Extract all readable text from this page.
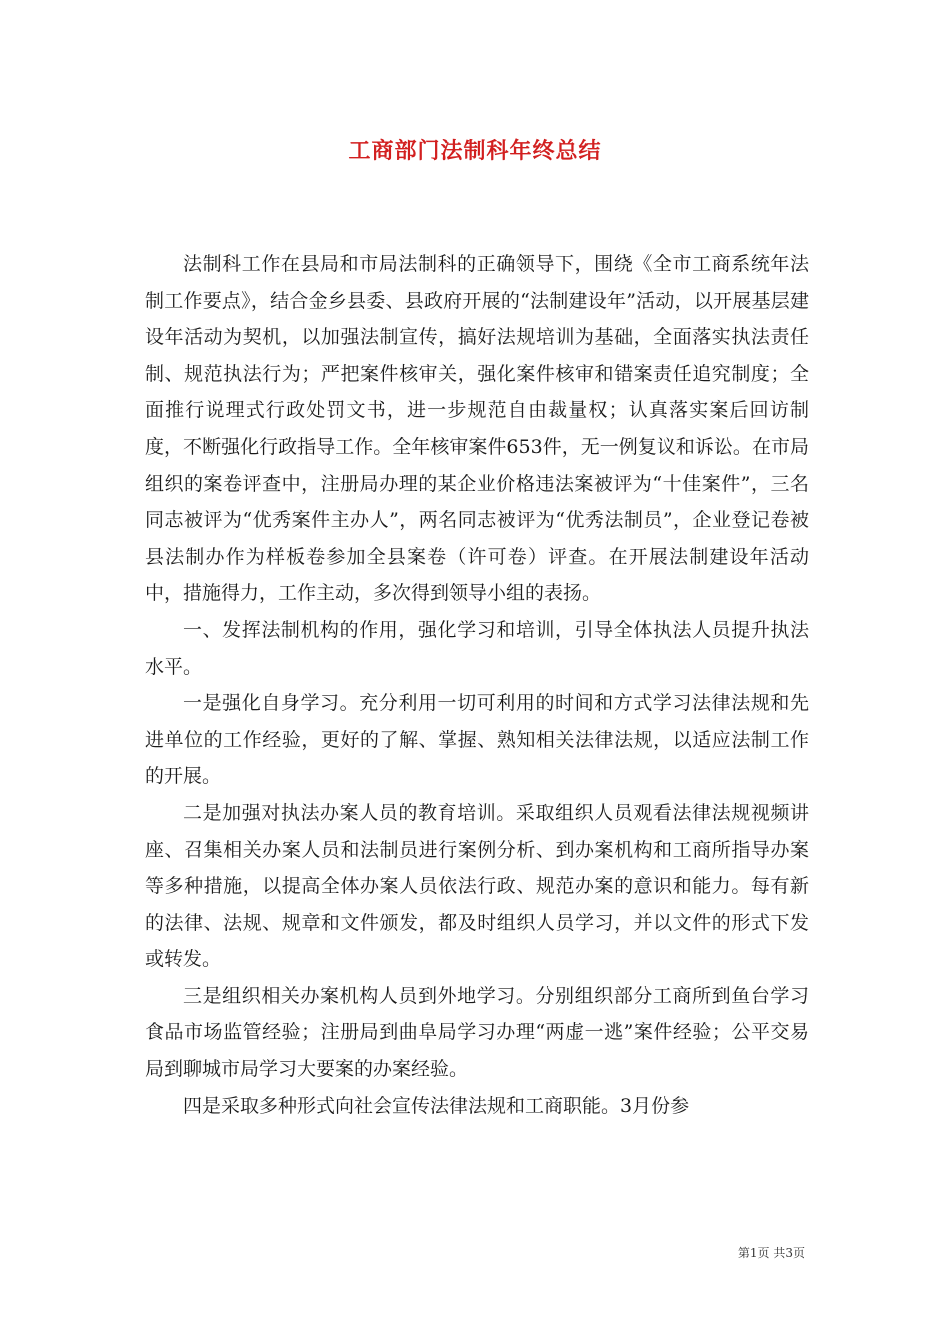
工商部门法制科年终总结

法制科工作在县局和市局法制科的正确领导下，围绕《全市工商系统年法制工作要点》，结合金乡县委、县政府开展的“法制建设年”活动，以开展基层建设年活动为契机，以加强法制宣传，搞好法规培训为基础，全面落实执法责任制、规范执法行为；严把案件核审关，强化案件核审和错案责任追究制度；全面推行说理式行政处罚文书，进一步规范自由裁量权；认真落实案后回访制度，不断强化行政指导工作。全年核审案件653件，无一例复议和诉讼。在市局组织的案卷评查中，注册局办理的某企业价格违法案被评为“十佳案件”，三名同志被评为“优秀案件主办人”，两名同志被评为“优秀法制员”，企业登记卷被县法制办作为样板卷参加全县案卷（许可卷）评查。在开展法制建设年活动中，措施得力，工作主动，多次得到领导小组的表扬。

一、发挥法制机构的作用，强化学习和培训，引导全体执法人员提升执法水平。

一是强化自身学习。充分利用一切可利用的时间和方式学习法律法规和先进单位的工作经验，更好的了解、掌握、熟知相关法律法规，以适应法制工作的开展。

二是加强对执法办案人员的教育培训。采取组织人员观看法律法规视频讲座、召集相关办案人员和法制员进行案例分析、到办案机构和工商所指导办案等多种措施，以提高全体办案人员依法行政、规范办案的意识和能力。每有新的法律、法规、规章和文件颁发，都及时组织人员学习，并以文件的形式下发或转发。

三是组织相关办案机构人员到外地学习。分别组织部分工商所到鱼台学习食品市场监管经验；注册局到曲阜局学习办理“两虚一逃”案件经验；公平交易局到聊城市局学习大要案的办案经验。

四是采取多种形式向社会宣传法律法规和工商职能。3月份参

第1页 共3页
